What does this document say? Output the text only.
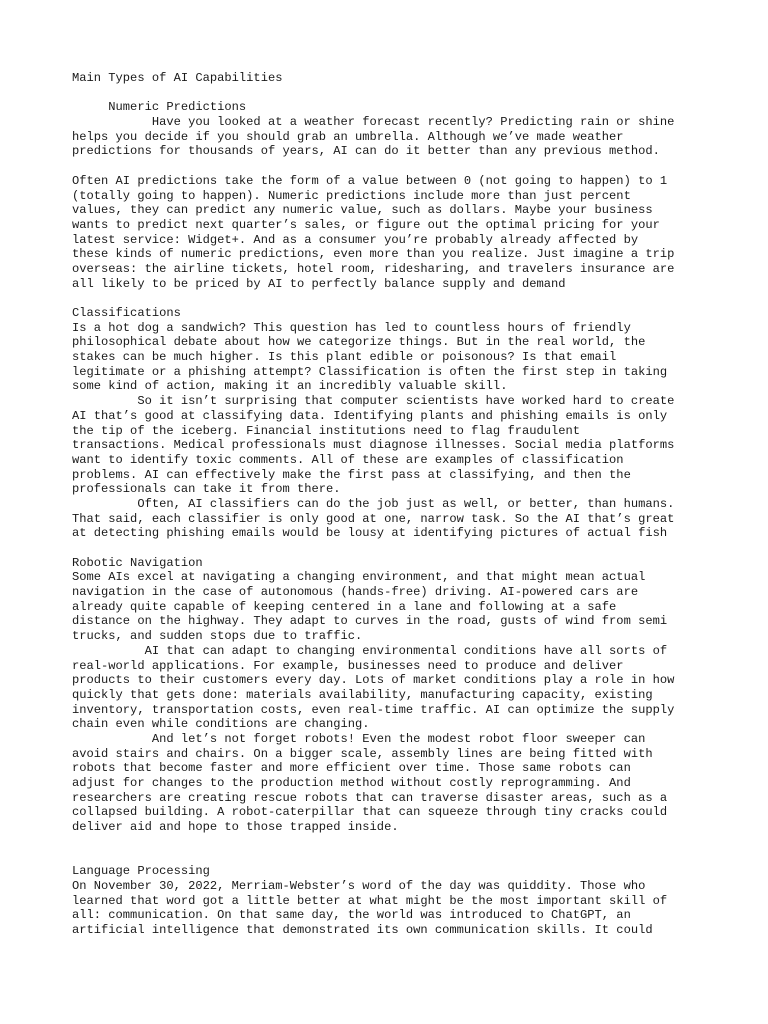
Main Types of AI Capabilities
Numeric Predictions
Have you looked at a weather forecast recently? Predicting rain or shine
helps you decide if you should grab an umbrella. Although we’ve made weather
predictions for thousands of years, AI can do it better than any previous method.
Often AI predictions take the form of a value between 0 (not going to happen) to 1
(totally going to happen). Numeric predictions include more than just percent
values, they can predict any numeric value, such as dollars. Maybe your business
wants to predict next quarter’s sales, or figure out the optimal pricing for your
latest service: Widget+. And as a consumer you’re probably already affected by
these kinds of numeric predictions, even more than you realize. Just imagine a trip
overseas: the airline tickets, hotel room, ridesharing, and travelers insurance are
all likely to be priced by AI to perfectly balance supply and demand
Classifications
Is a hot dog a sandwich? This question has led to countless hours of friendly
philosophical debate about how we categorize things. But in the real world, the
stakes can be much higher. Is this plant edible or poisonous? Is that email
legitimate or a phishing attempt? Classification is often the first step in taking
some kind of action, making it an incredibly valuable skill.
So it isn’t surprising that computer scientists have worked hard to create
AI that’s good at classifying data. Identifying plants and phishing emails is only
the tip of the iceberg. Financial institutions need to flag fraudulent
transactions. Medical professionals must diagnose illnesses. Social media platforms
want to identify toxic comments. All of these are examples of classification
problems. AI can effectively make the first pass at classifying, and then the
professionals can take it from there.
Often, AI classifiers can do the job just as well, or better, than humans.
That said, each classifier is only good at one, narrow task. So the AI that’s great
at detecting phishing emails would be lousy at identifying pictures of actual fish
Robotic Navigation
Some AIs excel at navigating a changing environment, and that might mean actual
navigation in the case of autonomous (hands-free) driving. AI-powered cars are
already quite capable of keeping centered in a lane and following at a safe
distance on the highway. They adapt to curves in the road, gusts of wind from semi
trucks, and sudden stops due to traffic.
AI that can adapt to changing environmental conditions have all sorts of
real-world applications. For example, businesses need to produce and deliver
products to their customers every day. Lots of market conditions play a role in how
quickly that gets done: materials availability, manufacturing capacity, existing
inventory, transportation costs, even real-time traffic. AI can optimize the supply
chain even while conditions are changing.
And let’s not forget robots! Even the modest robot floor sweeper can
avoid stairs and chairs. On a bigger scale, assembly lines are being fitted with
robots that become faster and more efficient over time. Those same robots can
adjust for changes to the production method without costly reprogramming. And
researchers are creating rescue robots that can traverse disaster areas, such as a
collapsed building. A robot-caterpillar that can squeeze through tiny cracks could
deliver aid and hope to those trapped inside.
Language Processing
On November 30, 2022, Merriam-Webster’s word of the day was quiddity. Those who
learned that word got a little better at what might be the most important skill of
all: communication. On that same day, the world was introduced to ChatGPT, an
artificial intelligence that demonstrated its own communication skills. It could
